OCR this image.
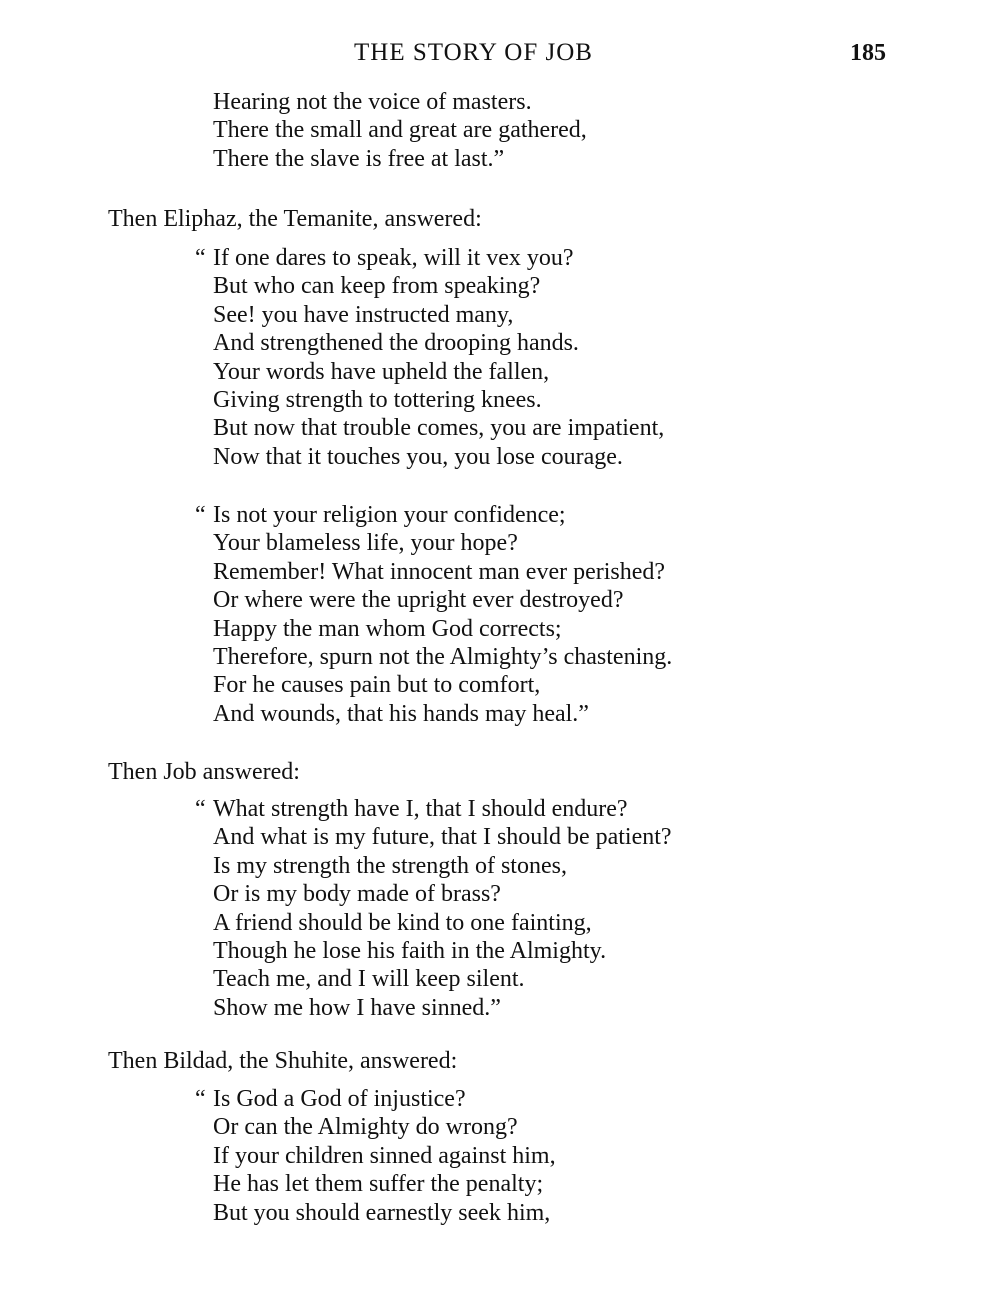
THE STORY OF JOB	185
Hearing not the voice of masters.
There the small and great are gathered,
There the slave is free at last.”
Then Eliphaz, the Temanite, answered:
“ If one dares to speak, will it vex you?
But who can keep from speaking?
See! you have instructed many,
And strengthened the drooping hands.
Your words have upheld the fallen,
Giving strength to tottering knees.
But now that trouble comes, you are impatient,
Now that it touches you, you lose courage.
“ Is not your religion your confidence;
Your blameless life, your hope?
Remember! What innocent man ever perished?
Or where were the upright ever destroyed?
Happy the man whom God corrects;
Therefore, spurn not the Almighty’s chastening.
For he causes pain but to comfort,
And wounds, that his hands may heal.”
Then Job answered:
“ What strength have I, that I should endure?
And what is my future, that I should be patient?
Is my strength the strength of stones,
Or is my body made of brass?
A friend should be kind to one fainting,
Though he lose his faith in the Almighty.
Teach me, and I will keep silent.
Show me how I have sinned.”
Then Bildad, the Shuhite, answered:
“ Is God a God of injustice?
Or can the Almighty do wrong?
If your children sinned against him,
He has let them suffer the penalty;
But you should earnestly seek him,
